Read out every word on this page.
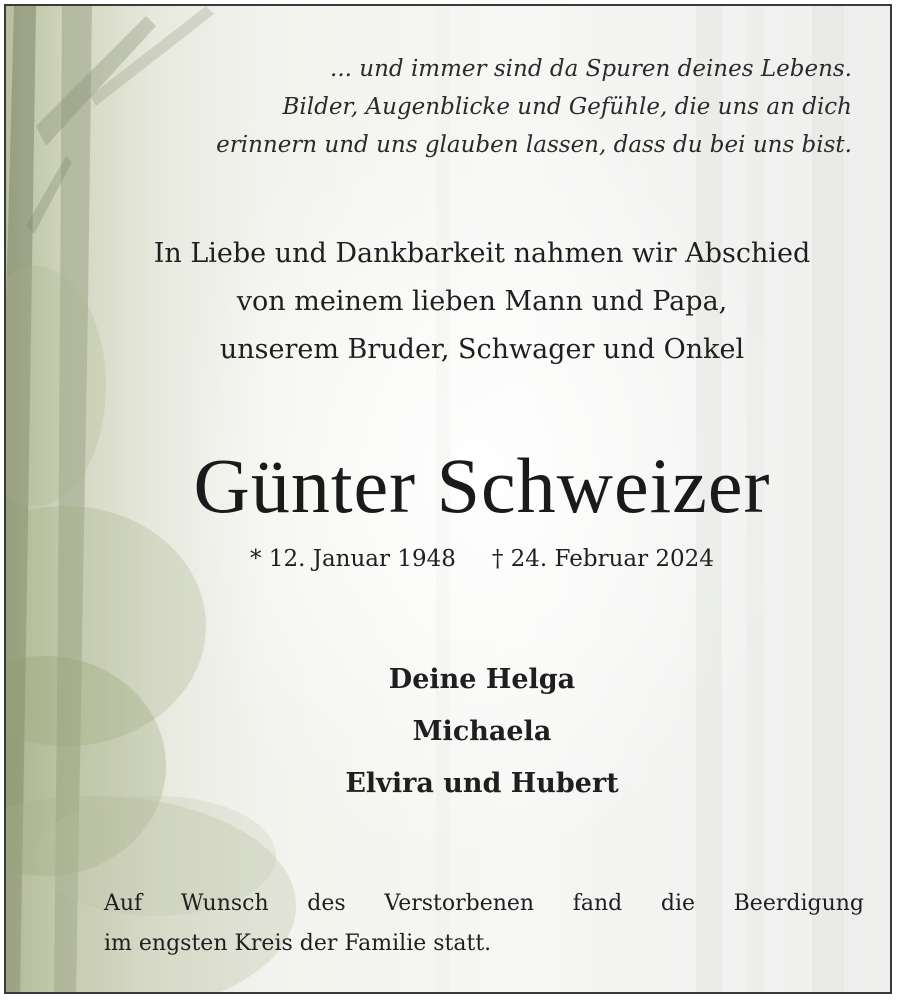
... und immer sind da Spuren deines Lebens.
Bilder, Augenblicke und Gefühle, die uns an dich
erinnern und uns glauben lassen, dass du bei uns bist.
In Liebe und Dankbarkeit nahmen wir Abschied
von meinem lieben Mann und Papa,
unserem Bruder, Schwager und Onkel
Günter Schweizer
* 12. Januar 1948 † 24. Februar 2024
Deine Helga
Michaela
Elvira und Hubert
Auf Wunsch des Verstorbenen fand die Beerdigung
im engsten Kreis der Familie statt.
